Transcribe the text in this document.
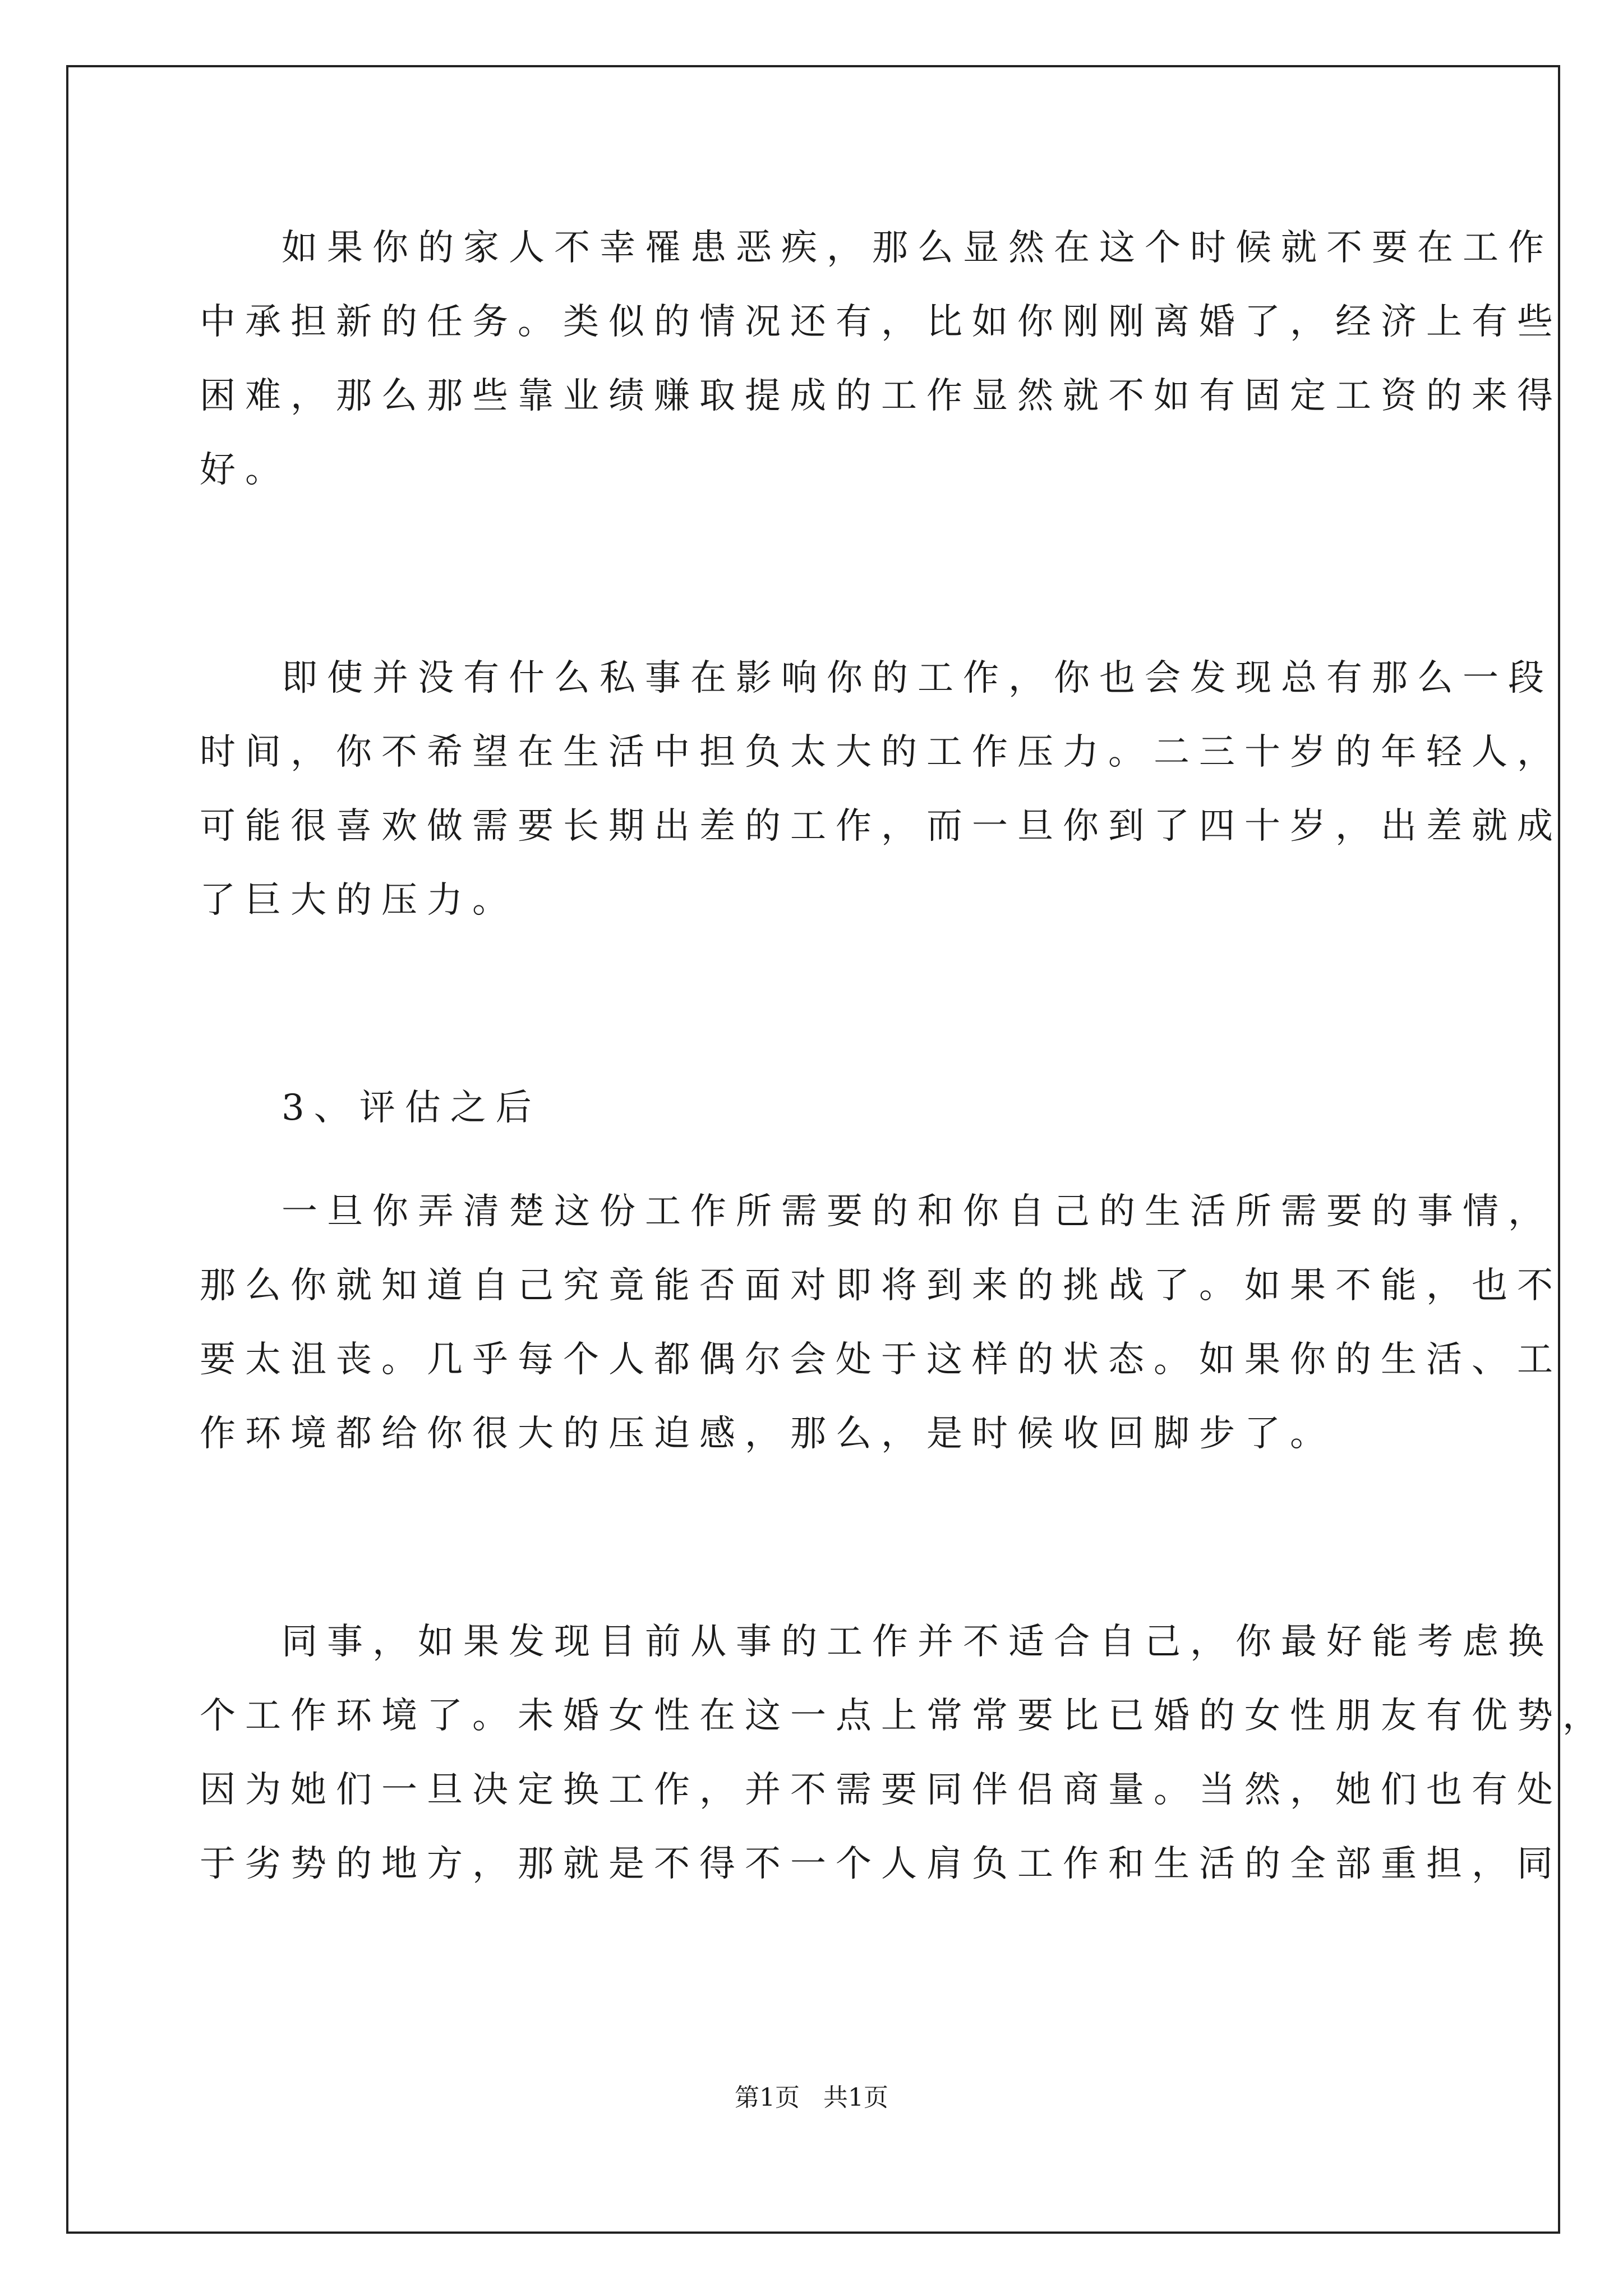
如果你的家人不幸罹患恶疾，那么显然在这个时候就不要在工作
中承担新的任务。类似的情况还有，比如你刚刚离婚了，经济上有些
困难，那么那些靠业绩赚取提成的工作显然就不如有固定工资的来得
好。
即使并没有什么私事在影响你的工作，你也会发现总有那么一段
时间，你不希望在生活中担负太大的工作压力。二三十岁的年轻人，
可能很喜欢做需要长期出差的工作，而一旦你到了四十岁，出差就成
了巨大的压力。
3、评估之后
一旦你弄清楚这份工作所需要的和你自己的生活所需要的事情，
那么你就知道自己究竟能否面对即将到来的挑战了。如果不能，也不
要太沮丧。几乎每个人都偶尔会处于这样的状态。如果你的生活、工
作环境都给你很大的压迫感，那么，是时候收回脚步了。
同事，如果发现目前从事的工作并不适合自己，你最好能考虑换
个工作环境了。未婚女性在这一点上常常要比已婚的女性朋友有优势，
因为她们一旦决定换工作，并不需要同伴侣商量。当然，她们也有处
于劣势的地方，那就是不得不一个人肩负工作和生活的全部重担，同
第1页   共1页
